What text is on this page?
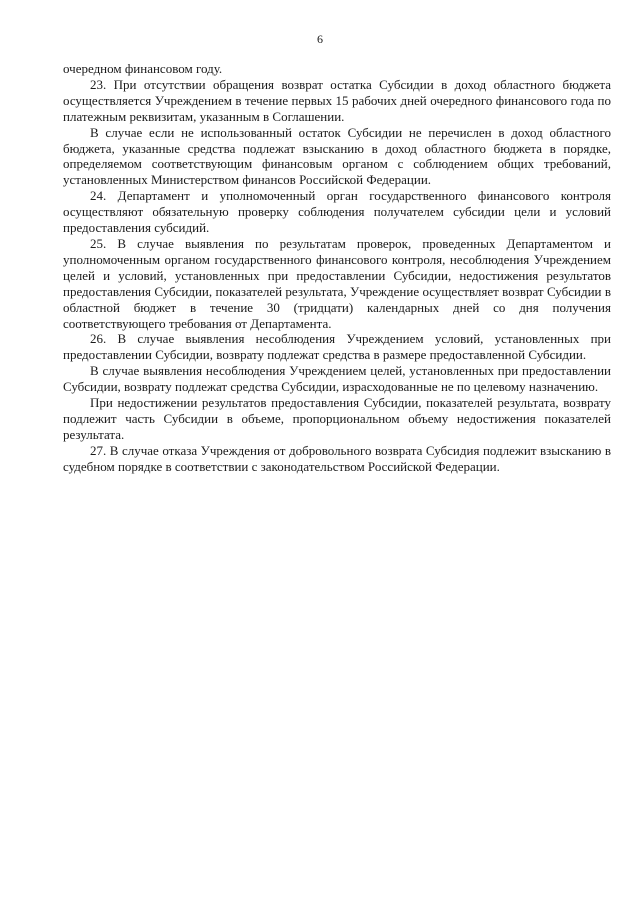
6

очередном финансовом году.

23. При отсутствии обращения возврат остатка Субсидии в доход областного бюджета осуществляется Учреждением в течение первых 15 рабочих дней очередного финансового года по платежным реквизитам, указанным в Соглашении.

В случае если не использованный остаток Субсидии не перечислен в доход областного бюджета, указанные средства подлежат взысканию в доход областного бюджета в порядке, определяемом соответствующим финансовым органом с соблюдением общих требований, установленных Министерством финансов Российской Федерации.

24. Департамент и уполномоченный орган государственного финансового контроля осуществляют обязательную проверку соблюдения получателем субсидии цели и условий предоставления субсидий.

25. В случае выявления по результатам проверок, проведенных Департаментом и уполномоченным органом государственного финансового контроля, несоблюдения Учреждением целей и условий, установленных при предоставлении Субсидии, недостижения результатов предоставления Субсидии, показателей результата, Учреждение осуществляет возврат Субсидии в областной бюджет в течение 30 (тридцати) календарных дней со дня получения соответствующего требования от Департамента.

26. В случае выявления несоблюдения Учреждением условий, установленных при предоставлении Субсидии, возврату подлежат средства в размере предоставленной Субсидии.

В случае выявления несоблюдения Учреждением целей, установленных при предоставлении Субсидии, возврату подлежат средства Субсидии, израсходованные не по целевому назначению.

При недостижении результатов предоставления Субсидии, показателей результата, возврату подлежит часть Субсидии в объеме, пропорциональном объему недостижения показателей результата.

27. В случае отказа Учреждения от добровольного возврата Субсидия подлежит взысканию в судебном порядке в соответствии с законодательством Российской Федерации.
